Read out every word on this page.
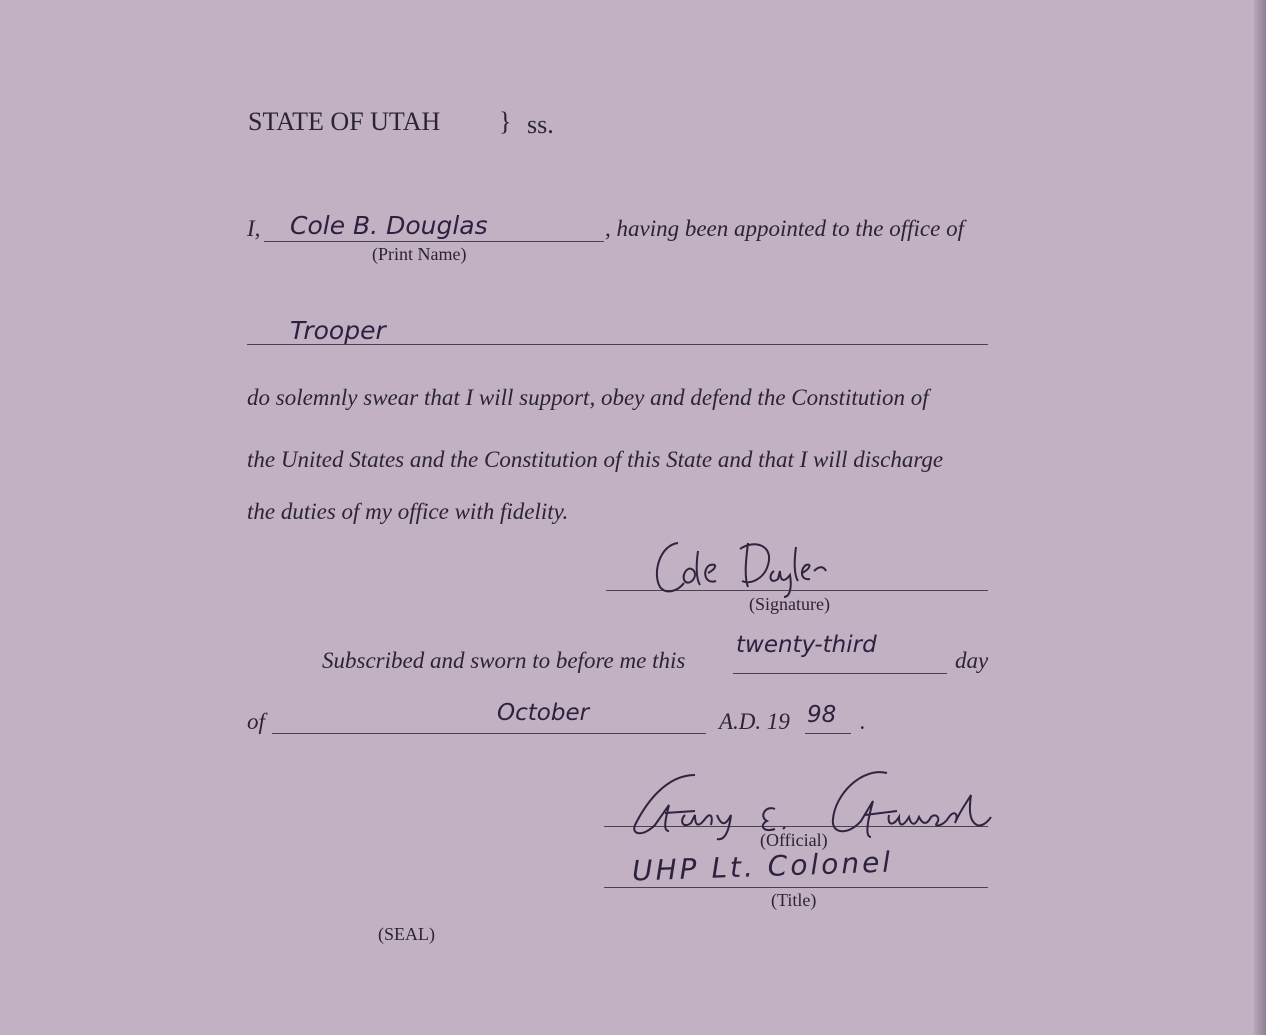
STATE OF UTAH } ss.
I, Cole B. Douglas	, having been appointed to the office of
(Print Name)
Trooper
do solemnly swear that I will support, obey and defend the Constitution of
the United States and the Constitution of this State and that I will discharge
the duties of my office with fidelity.
(Signature)
Subscribed and sworn to before me this
twenty-third
day
of	October	A.D. 19 98 .
(Official)
UHP Lt. Colonel
(Title)
(SEAL)
